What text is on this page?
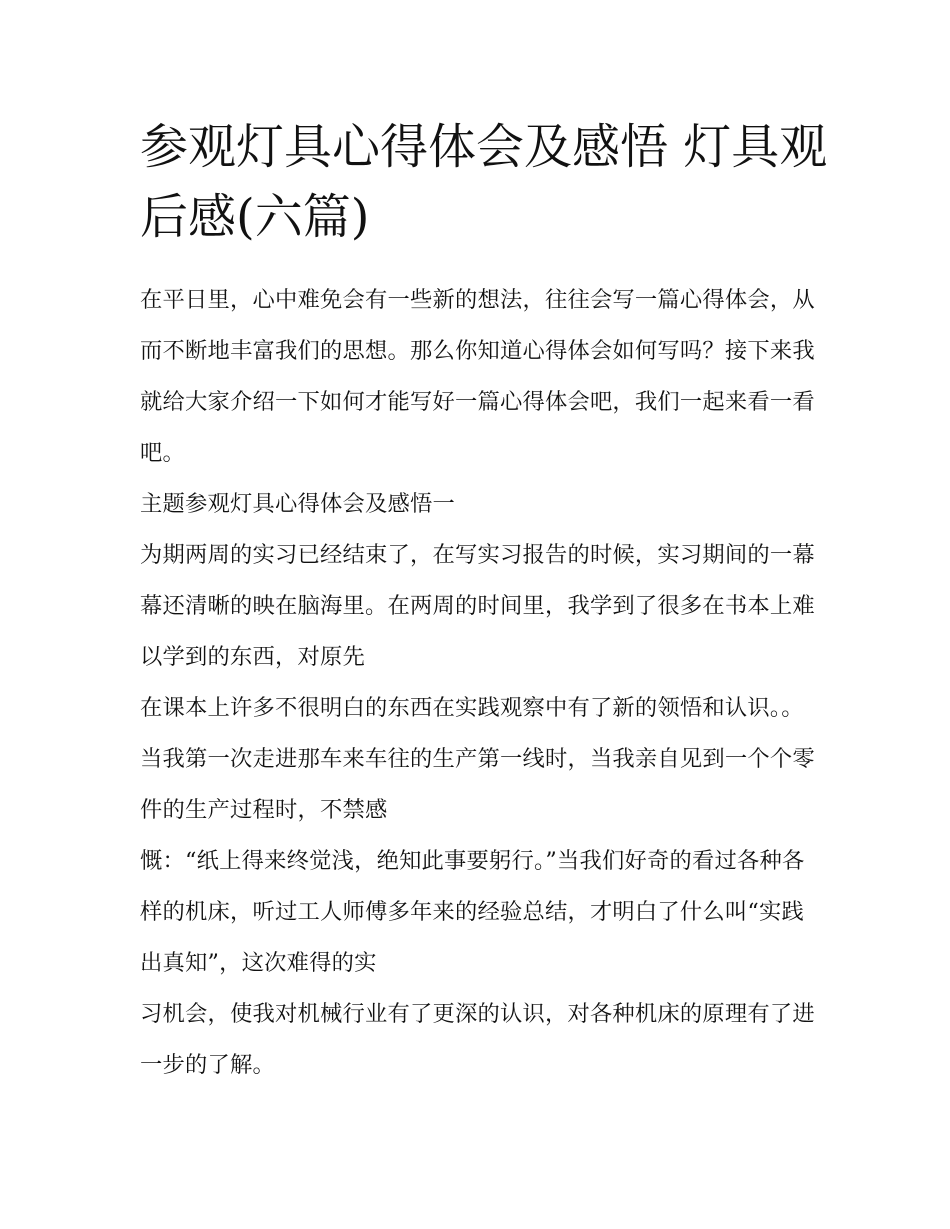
参观灯具心得体会及感悟 灯具观后感(六篇)

在平日里，心中难免会有一些新的想法，往往会写一篇心得体会，从而不断地丰富我们的思想。那么你知道心得体会如何写吗？接下来我就给大家介绍一下如何才能写好一篇心得体会吧，我们一起来看一看吧。

主题参观灯具心得体会及感悟一

为期两周的实习已经结束了，在写实习报告的时候，实习期间的一幕幕还清晰的映在脑海里。在两周的时间里，我学到了很多在书本上难以学到的东西，对原先

在课本上许多不很明白的东西在实践观察中有了新的领悟和认识。。当我第一次走进那车来车往的生产第一线时，当我亲自见到一个个零件的生产过程时，不禁感

慨：“纸上得来终觉浅，绝知此事要躬行。”当我们好奇的看过各种各样的机床，听过工人师傅多年来的经验总结，才明白了什么叫“实践出真知”，这次难得的实

习机会，使我对机械行业有了更深的认识，对各种机床的原理有了进一步的了解。
